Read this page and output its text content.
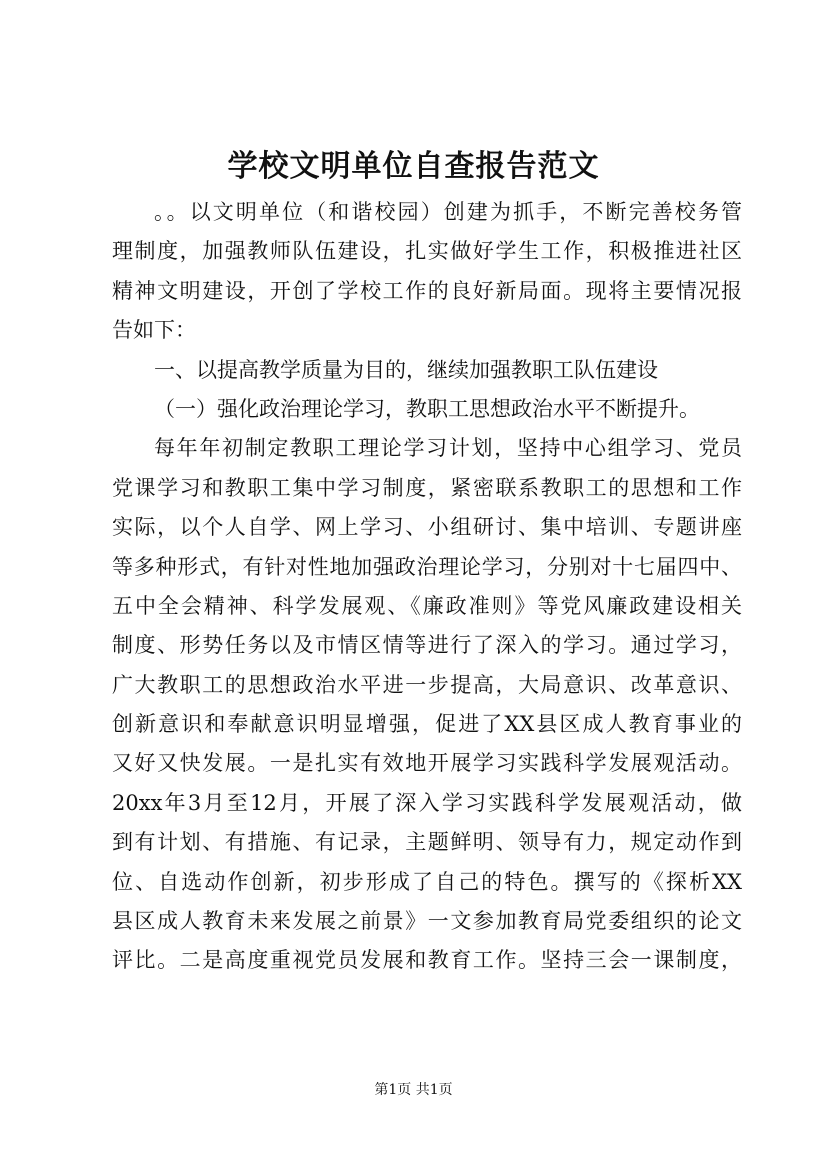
学校文明单位自查报告范文
。。以文明单位（和谐校园）创建为抓手，不断完善校务管
理制度，加强教师队伍建设，扎实做好学生工作，积极推进社区
精神文明建设，开创了学校工作的良好新局面。现将主要情况报
告如下：
一、以提高教学质量为目的，继续加强教职工队伍建设
（一）强化政治理论学习，教职工思想政治水平不断提升。
每年年初制定教职工理论学习计划，坚持中心组学习、党员
党课学习和教职工集中学习制度，紧密联系教职工的思想和工作
实际，以个人自学、网上学习、小组研讨、集中培训、专题讲座
等多种形式，有针对性地加强政治理论学习，分别对十七届四中、
五中全会精神、科学发展观、《廉政准则》等党风廉政建设相关
制度、形势任务以及市情区情等进行了深入的学习。通过学习，
广大教职工的思想政治水平进一步提高，大局意识、改革意识、
创新意识和奉献意识明显增强，促进了XX县区成人教育事业的
又好又快发展。一是扎实有效地开展学习实践科学发展观活动。
20xx年3月至12月，开展了深入学习实践科学发展观活动，做
到有计划、有措施、有记录，主题鲜明、领导有力，规定动作到
位、自选动作创新，初步形成了自己的特色。撰写的《探析XX
县区成人教育未来发展之前景》一文参加教育局党委组织的论文
评比。二是高度重视党员发展和教育工作。坚持三会一课制度，
第1页 共1页
